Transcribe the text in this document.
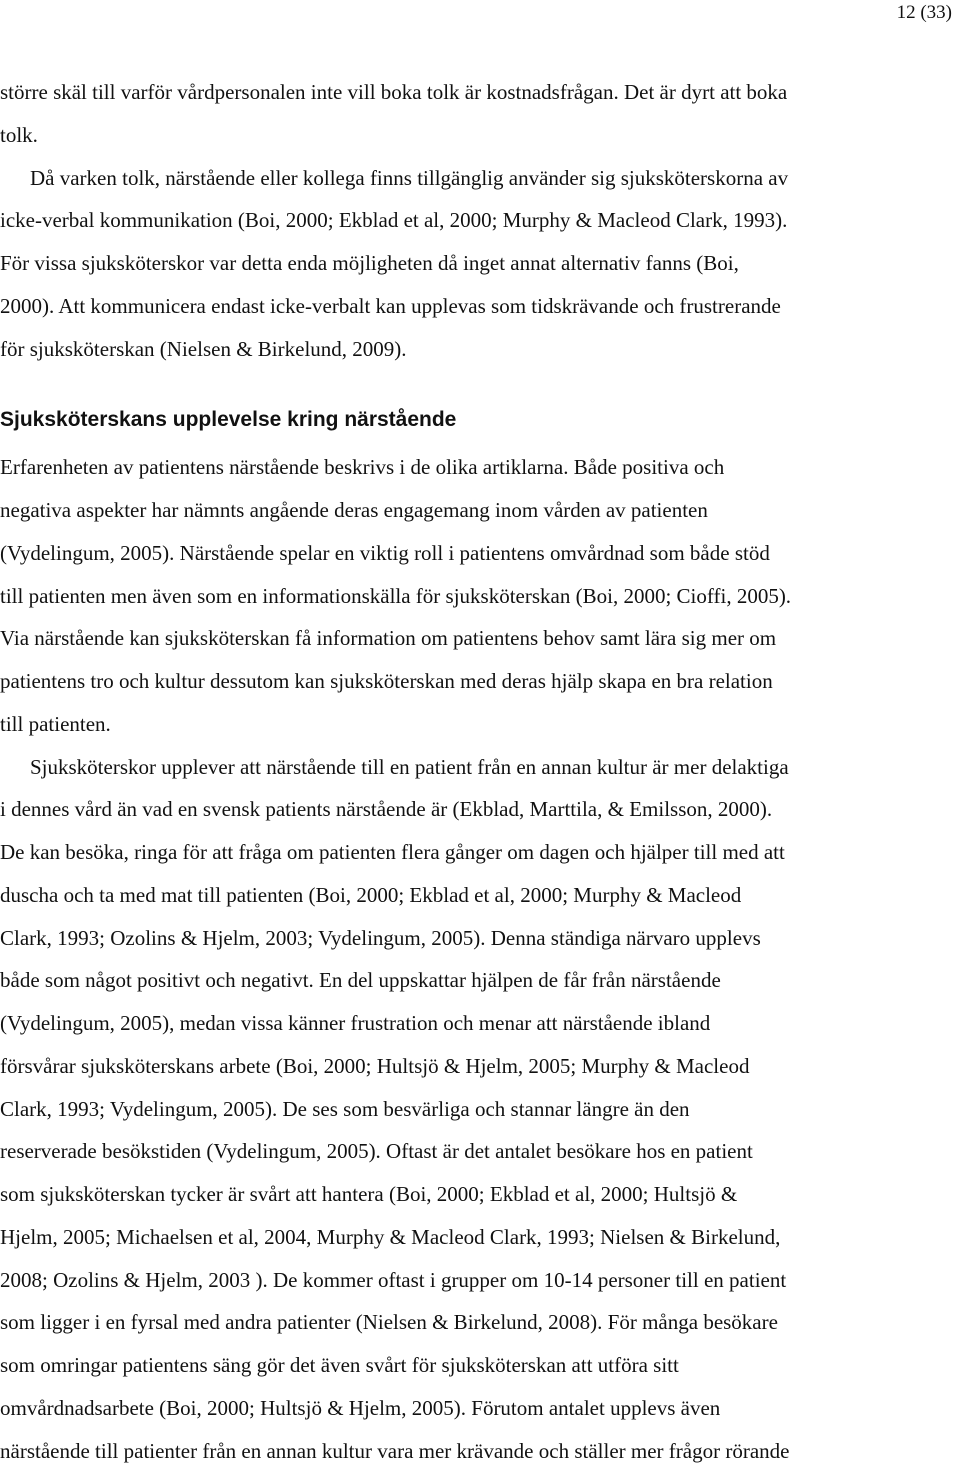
12 (33)

större skäl till varför vårdpersonalen inte vill boka tolk är kostnadsfrågan. Det är dyrt att boka
tolk.

Då varken tolk, närstående eller kollega finns tillgänglig använder sig sjuksköterskorna av
icke-verbal kommunikation (Boi, 2000; Ekblad et al, 2000; Murphy & Macleod Clark, 1993).
För vissa sjuksköterskor var detta enda möjligheten då inget annat alternativ fanns (Boi,
2000). Att kommunicera endast icke-verbalt kan upplevas som tidskrävande och frustrerande
för sjuksköterskan (Nielsen & Birkelund, 2009).

Sjuksköterskans upplevelse kring närstående

Erfarenheten av patientens närstående beskrivs i de olika artiklarna. Både positiva och
negativa aspekter har nämnts angående deras engagemang inom vården av patienten
(Vydelingum, 2005). Närstående spelar en viktig roll i patientens omvårdnad som både stöd
till patienten men även som en informationskälla för sjuksköterskan (Boi, 2000; Cioffi, 2005).
Via närstående kan sjuksköterskan få information om patientens behov samt lära sig mer om
patientens tro och kultur dessutom kan sjuksköterskan med deras hjälp skapa en bra relation
till patienten.

Sjuksköterskor upplever att närstående till en patient från en annan kultur är mer delaktiga
i dennes vård än vad en svensk patients närstående är (Ekblad, Marttila, & Emilsson, 2000).
De kan besöka, ringa för att fråga om patienten flera gånger om dagen och hjälper till med att
duscha och ta med mat till patienten (Boi, 2000; Ekblad et al, 2000; Murphy & Macleod
Clark, 1993; Ozolins & Hjelm, 2003; Vydelingum, 2005). Denna ständiga närvaro upplevs
både som något positivt och negativt. En del uppskattar hjälpen de får från närstående
(Vydelingum, 2005), medan vissa känner frustration och menar att närstående ibland
försvårar sjuksköterskans arbete (Boi, 2000; Hultsjö & Hjelm, 2005; Murphy & Macleod
Clark, 1993; Vydelingum, 2005). De ses som besvärliga och stannar längre än den
reserverade besökstiden (Vydelingum, 2005). Oftast är det antalet besökare hos en patient
som sjuksköterskan tycker är svårt att hantera (Boi, 2000; Ekblad et al, 2000; Hultsjö &
Hjelm, 2005; Michaelsen et al, 2004, Murphy & Macleod Clark, 1993; Nielsen & Birkelund,
2008; Ozolins & Hjelm, 2003 ). De kommer oftast i grupper om 10-14 personer till en patient
som ligger i en fyrsal med andra patienter (Nielsen & Birkelund, 2008). För många besökare
som omringar patientens säng gör det även svårt för sjuksköterskan att utföra sitt
omvårdnadsarbete (Boi, 2000; Hultsjö & Hjelm, 2005). Förutom antalet upplevs även
närstående till patienter från en annan kultur vara mer krävande och ställer mer frågor rörande
